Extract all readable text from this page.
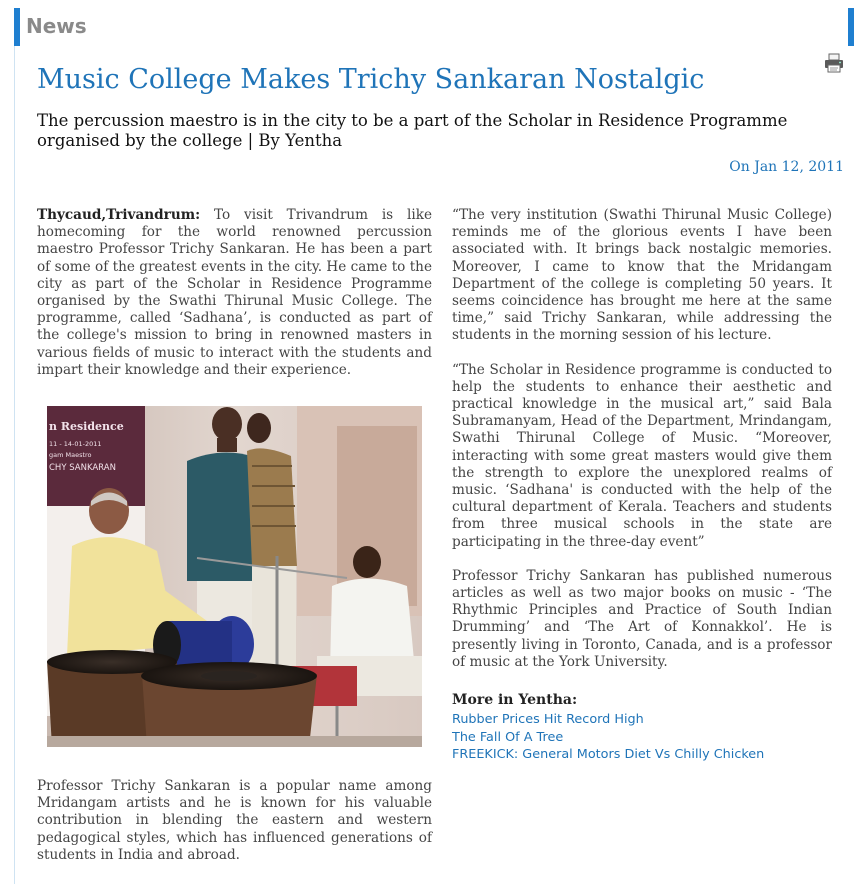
News
Music College Makes Trichy Sankaran Nostalgic
The percussion maestro is in the city to be a part of the Scholar in Residence Programme organised by the college | By Yentha
On Jan 12, 2011

Thycaud,Trivandrum: To visit Trivandrum is like homecoming for the world renowned percussion maestro Professor Trichy Sankaran. He has been a part of some of the greatest events in the city. He came to the city as part of the Scholar in Residence Programme organised by the Swathi Thirunal Music College. The programme, called ‘Sadhana’, is conducted as part of the college's mission to bring in renowned masters in various fields of music to interact with the students and impart their knowledge and their experience.

n Residence
11 - 14-01-2011
gam Maestro
CHY SANKARAN

Professor Trichy Sankaran is a popular name among Mridangam artists and he is known for his valuable contribution in blending the eastern and western pedagogical styles, which has influenced generations of students in India and abroad.

“The very institution (Swathi Thirunal Music College) reminds me of the glorious events I have been associated with. It brings back nostalgic memories. Moreover, I came to know that the Mridangam Department of the college is completing 50 years. It seems coincidence has brought me here at the same time,” said Trichy Sankaran, while addressing the students in the morning session of his lecture.

“The Scholar in Residence programme is conducted to help the students to enhance their aesthetic and practical knowledge in the musical art,” said Bala Subramanyam, Head of the Department, Mrindangam, Swathi Thirunal College of Music. “Moreover, interacting with some great masters would give them the strength to explore the unexplored realms of music. ‘Sadhana' is conducted with the help of the cultural department of Kerala. Teachers and students from three musical schools in the state are participating in the three-day event”

Professor Trichy Sankaran has published numerous articles as well as two major books on music - ‘The Rhythmic Principles and Practice of South Indian Drumming’ and ‘The Art of Konnakkol’. He is presently living in Toronto, Canada, and is a professor of music at the York University.

More in Yentha:
Rubber Prices Hit Record High
The Fall Of A Tree
FREEKICK: General Motors Diet Vs Chilly Chicken
